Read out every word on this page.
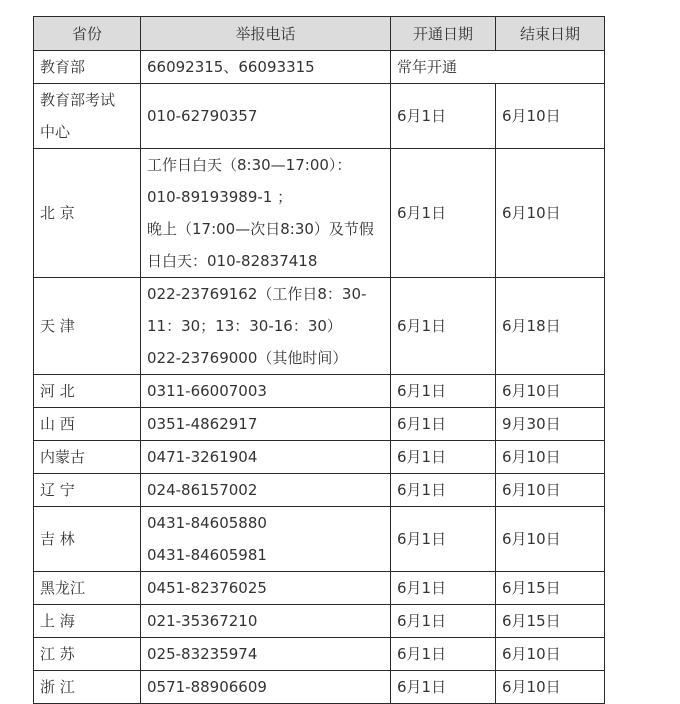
省份	举报电话	开通日期	结束日期
教育部	66092315、66093315	常年开通	

教育部考试
中心	010-62790357	6月1日	6月10日
北 京	工作日白天（8:30—17:00）：
010-89193989-1 ；
晚上（17:00—次日8:30）及节假
日白天：010-82837418	6月1日	6月10日
天 津	022-23769162（工作日8：30-
11：30；13：30-16：30）
022-23769000（其他时间）	6月1日	6月18日
河 北	0311-66007003	6月1日	6月10日
山 西	0351-4862917	6月1日	9月30日
内蒙古	0471-3261904	6月1日	6月10日
辽 宁	024-86157002	6月1日	6月10日
吉 林	0431-84605880
0431-84605981	6月1日	6月10日
黑龙江	0451-82376025	6月1日	6月15日
上 海	021-35367210	6月1日	6月15日
江 苏	025-83235974	6月1日	6月10日
浙 江	0571-88906609	6月1日	6月10日
